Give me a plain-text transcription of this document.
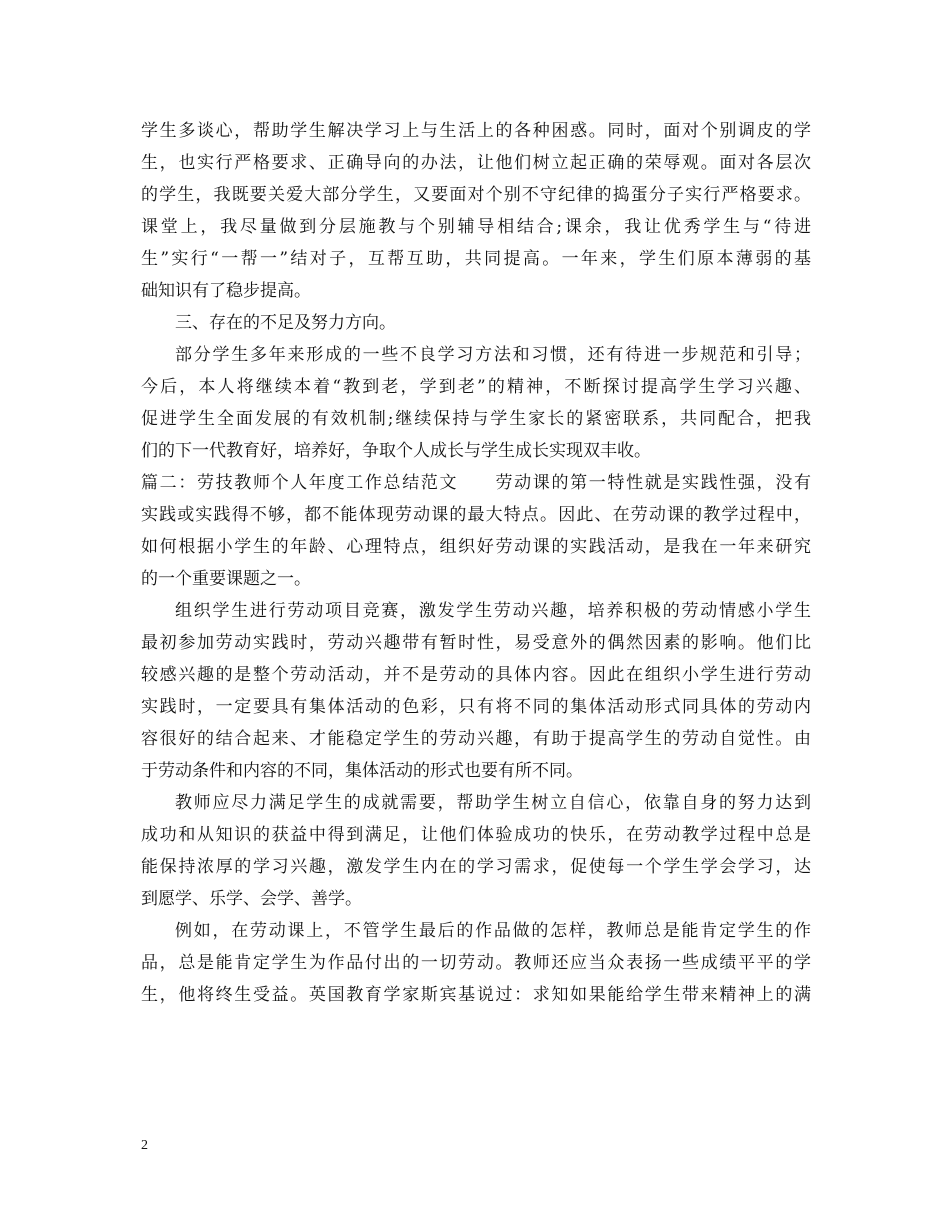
学生多谈心，帮助学生解决学习上与生活上的各种困惑。同时，面对个别调皮的学
生，也实行严格要求、正确导向的办法，让他们树立起正确的荣辱观。面对各层次
的学生，我既要关爱大部分学生，又要面对个别不守纪律的捣蛋分子实行严格要求。
课堂上，我尽量做到分层施教与个别辅导相结合;课余，我让优秀学生与“待进
生”实行“一帮一”结对子，互帮互助，共同提高。一年来，学生们原本薄弱的基
础知识有了稳步提高。
三、存在的不足及努力方向。
部分学生多年来形成的一些不良学习方法和习惯，还有待进一步规范和引导；
今后，本人将继续本着“教到老，学到老”的精神，不断探讨提高学生学习兴趣、
促进学生全面发展的有效机制;继续保持与学生家长的紧密联系，共同配合，把我
们的下一代教育好，培养好，争取个人成长与学生成长实现双丰收。
篇二：劳技教师个人年度工作总结范文　　劳动课的第一特性就是实践性强，没有
实践或实践得不够，都不能体现劳动课的最大特点。因此、在劳动课的教学过程中，
如何根据小学生的年龄、心理特点，组织好劳动课的实践活动，是我在一年来研究
的一个重要课题之一。
组织学生进行劳动项目竞赛，激发学生劳动兴趣，培养积极的劳动情感小学生
最初参加劳动实践时，劳动兴趣带有暂时性，易受意外的偶然因素的影响。他们比
较感兴趣的是整个劳动活动，并不是劳动的具体内容。因此在组织小学生进行劳动
实践时，一定要具有集体活动的色彩，只有将不同的集体活动形式同具体的劳动内
容很好的结合起来、才能稳定学生的劳动兴趣，有助于提高学生的劳动自觉性。由
于劳动条件和内容的不同，集体活动的形式也要有所不同。
教师应尽力满足学生的成就需要，帮助学生树立自信心，依靠自身的努力达到
成功和从知识的获益中得到满足，让他们体验成功的快乐，在劳动教学过程中总是
能保持浓厚的学习兴趣，激发学生内在的学习需求，促使每一个学生学会学习，达
到愿学、乐学、会学、善学。
例如，在劳动课上，不管学生最后的作品做的怎样，教师总是能肯定学生的作
品，总是能肯定学生为作品付出的一切劳动。教师还应当众表扬一些成绩平平的学
生，他将终生受益。英国教育学家斯宾基说过：求知如果能给学生带来精神上的满
2
